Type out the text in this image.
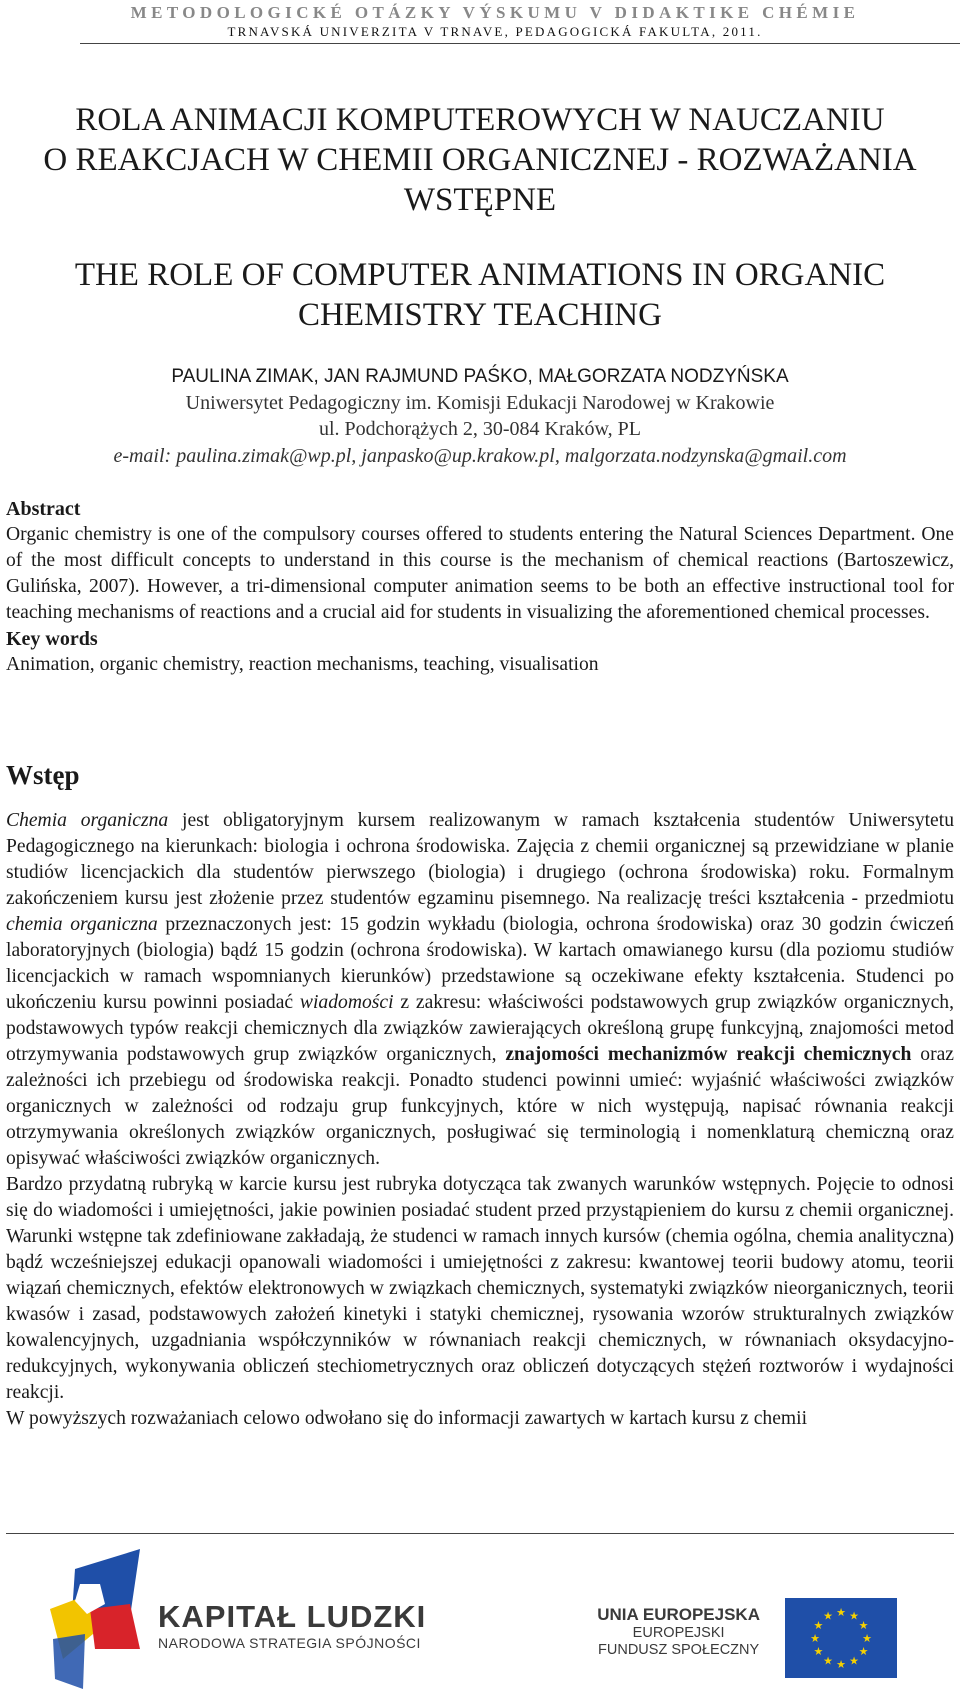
METODOLOGICKÉ OTÁZKY VÝSKUMU V DIDAKTIKE CHÉMIE
TRNAVSKÁ UNIVERZITA V TRNAVE, PEDAGOGICKÁ FAKULTA, 2011.
ROLA ANIMACJI KOMPUTEROWYCH W NAUCZANIU
O REAKCJACH W CHEMII ORGANICZNEJ - ROZWAŻANIA
WSTĘPNE
THE ROLE OF COMPUTER ANIMATIONS IN ORGANIC
CHEMISTRY TEACHING
PAULINA ZIMAK, JAN RAJMUND PAŚKO, MAŁGORZATA NODZYŃSKA
Uniwersytet Pedagogiczny im. Komisji Edukacji Narodowej w Krakowie
ul. Podchorążych 2, 30-084 Kraków, PL
e-mail: paulina.zimak@wp.pl, janpasko@up.krakow.pl, malgorzata.nodzynska@gmail.com
Abstract
Organic chemistry is one of the compulsory courses offered to students entering the Natural Sciences Department. One of the most difficult concepts to understand in this course is the mechanism of chemical reactions (Bartoszewicz, Gulińska, 2007). However, a tri-dimensional computer animation seems to be both an effective instructional tool for teaching mechanisms of reactions and a crucial aid for students in visualizing the aforementioned chemical processes.
Key words
Animation, organic chemistry, reaction mechanisms, teaching, visualisation
Wstęp

Chemia organiczna jest obligatoryjnym kursem realizowanym w ramach kształcenia studentów Uniwersytetu Pedagogicznego na kierunkach: biologia i ochrona środowiska. Zajęcia z chemii organicznej są przewidziane w planie studiów licencjackich dla studentów pierwszego (biologia) i drugiego (ochrona środowiska) roku. Formalnym zakończeniem kursu jest złożenie przez studentów egzaminu pisemnego. Na realizację treści kształcenia - przedmiotu chemia organiczna przeznaczonych jest: 15 godzin wykładu (biologia, ochrona środowiska) oraz 30 godzin ćwiczeń laboratoryjnych (biologia) bądź 15 godzin (ochrona środowiska). W kartach omawianego kursu (dla poziomu studiów licencjackich w ramach wspomnianych kierunków) przedstawione są oczekiwane efekty kształcenia. Studenci po ukończeniu kursu powinni posiadać wiadomości z zakresu: właściwości podstawowych grup związków organicznych, podstawowych typów reakcji chemicznych dla związków zawierających określoną grupę funkcyjną, znajomości metod otrzymywania podstawowych grup związków organicznych, znajomości mechanizmów reakcji chemicznych oraz zależności ich przebiegu od środowiska reakcji. Ponadto studenci powinni umieć: wyjaśnić właściwości związków organicznych w zależności od rodzaju grup funkcyjnych, które w nich występują, napisać równania reakcji otrzymywania określonych związków organicznych, posługiwać się terminologią i nomenklaturą chemiczną oraz opisywać właściwości związków organicznych.

Bardzo przydatną rubryką w karcie kursu jest rubryka dotycząca tak zwanych warunków wstępnych. Pojęcie to odnosi się do wiadomości i umiejętności, jakie powinien posiadać student przed przystąpieniem do kursu z chemii organicznej. Warunki wstępne tak zdefiniowane zakładają, że studenci w ramach innych kursów (chemia ogólna, chemia analityczna) bądź wcześniejszej edukacji opanowali wiadomości i umiejętności z zakresu: kwantowej teorii budowy atomu, teorii wiązań chemicznych, efektów elektronowych w związkach chemicznych, systematyki związków nieorganicznych, teorii kwasów i zasad, podstawowych założeń kinetyki i statyki chemicznej, rysowania wzorów strukturalnych związków kowalencyjnych, uzgadniania współczynników w równaniach reakcji chemicznych, w równaniach oksydacyjno-redukcyjnych, wykonywania obliczeń stechiometrycznych oraz obliczeń dotyczących stężeń roztworów i wydajności reakcji.

W powyższych rozważaniach celowo odwołano się do informacji zawartych w kartach kursu z chemii

KAPITAŁ LUDZKI
NARODOWA STRATEGIA SPÓJNOŚCI
UNIA EUROPEJSKA
EUROPEJSKI
FUNDUSZ SPOŁECZNY
★
★
★
★
★
★
★
★
★ ★ ★
★
